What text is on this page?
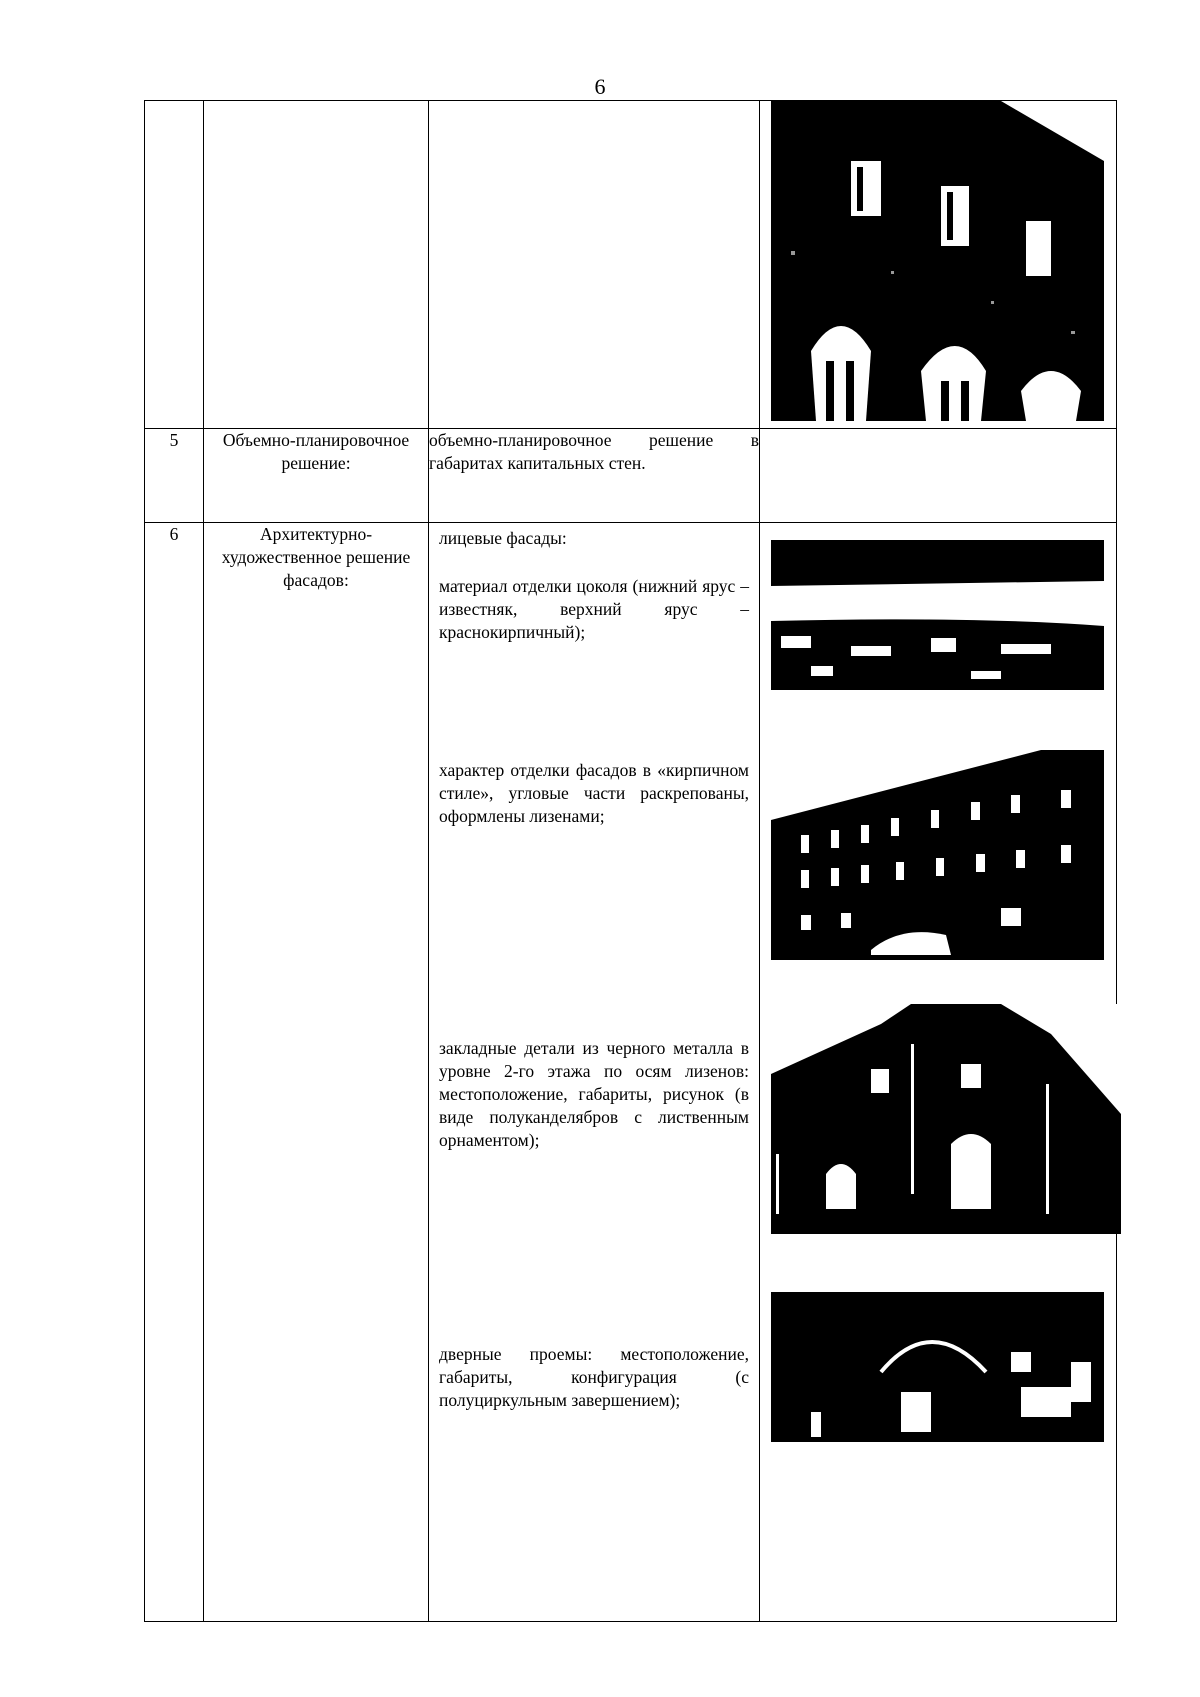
6

5	Объемно-планировочное решение:	объемно-планировочное решение в габаритах капитальных стен.	

6	Архитектурно-художественное решение фасадов:	лицевые фасады:

материал отделки цоколя (нижний ярус – известняк, верхний ярус – краснокирпичный);

характер отделки фасадов в «кирпичном стиле», угловые части раскрепованы, оформлены лизенами;

закладные детали из черного металла в уровне 2-го этажа по осям лизенов: местоположение, габариты, рисунок (в виде полуканделябров с лиственным орнаментом);

дверные проемы: местоположение, габариты, конфигурация (с полуциркульным завершением);	
